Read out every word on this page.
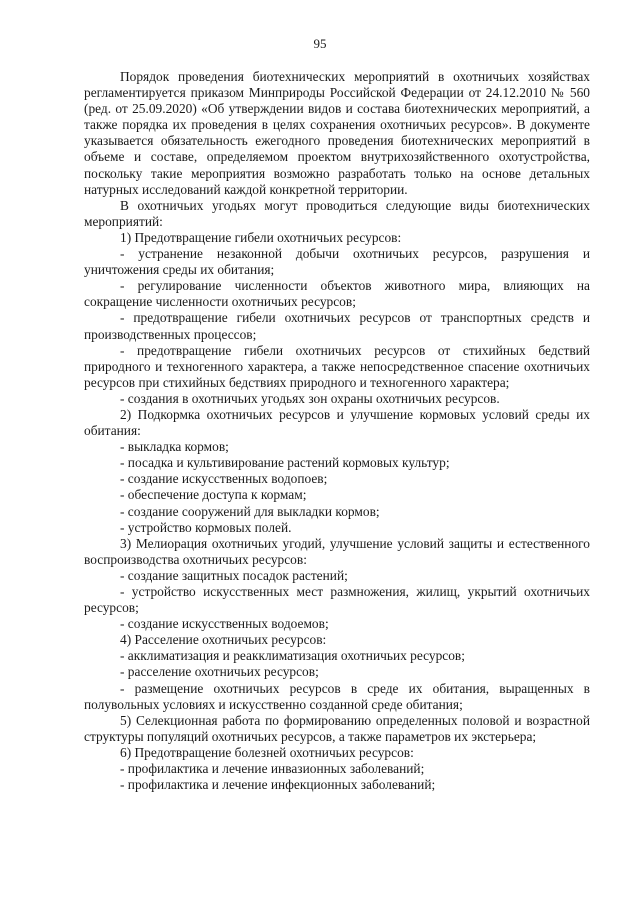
95

Порядок проведения биотехнических мероприятий в охотничьих хозяйствах регламентируется приказом Минприроды Российской Федерации от 24.12.2010 № 560 (ред. от 25.09.2020) «Об утверждении видов и состава биотехнических мероприятий, а также порядка их проведения в целях сохранения охотничьих ресурсов». В документе указывается обязательность ежегодного проведения биотехнических мероприятий в объеме и составе, определяемом проектом внутрихозяйственного охотустройства, поскольку такие мероприятия возможно разработать только на основе детальных натурных исследований каждой конкретной территории.

В охотничьих угодьях могут проводиться следующие виды биотехнических мероприятий:

1) Предотвращение гибели охотничьих ресурсов:

- устранение незаконной добычи охотничьих ресурсов, разрушения и уничтожения среды их обитания;

- регулирование численности объектов животного мира, влияющих на сокращение численности охотничьих ресурсов;

- предотвращение гибели охотничьих ресурсов от транспортных средств и производственных процессов;

- предотвращение гибели охотничьих ресурсов от стихийных бедствий природного и техногенного характера, а также непосредственное спасение охотничьих ресурсов при стихийных бедствиях природного и техногенного характера;

- создания в охотничьих угодьях зон охраны охотничьих ресурсов.

2) Подкормка охотничьих ресурсов и улучшение кормовых условий среды их обитания:

- выкладка кормов;

- посадка и культивирование растений кормовых культур;

- создание искусственных водопоев;

- обеспечение доступа к кормам;

- создание сооружений для выкладки кормов;

- устройство кормовых полей.

3) Мелиорация охотничьих угодий, улучшение условий защиты и естественного воспроизводства охотничьих ресурсов:

- создание защитных посадок растений;

- устройство искусственных мест размножения, жилищ, укрытий охотничьих ресурсов;

- создание искусственных водоемов;

4) Расселение охотничьих ресурсов:

- акклиматизация и реакклиматизация охотничьих ресурсов;

- расселение охотничьих ресурсов;

- размещение охотничьих ресурсов в среде их обитания, выращенных в полувольных условиях и искусственно созданной среде обитания;

5) Селекционная работа по формированию определенных половой и возрастной структуры популяций охотничьих ресурсов, а также параметров их экстерьера;

6) Предотвращение болезней охотничьих ресурсов:

- профилактика и лечение инвазионных заболеваний;

- профилактика и лечение инфекционных заболеваний;
